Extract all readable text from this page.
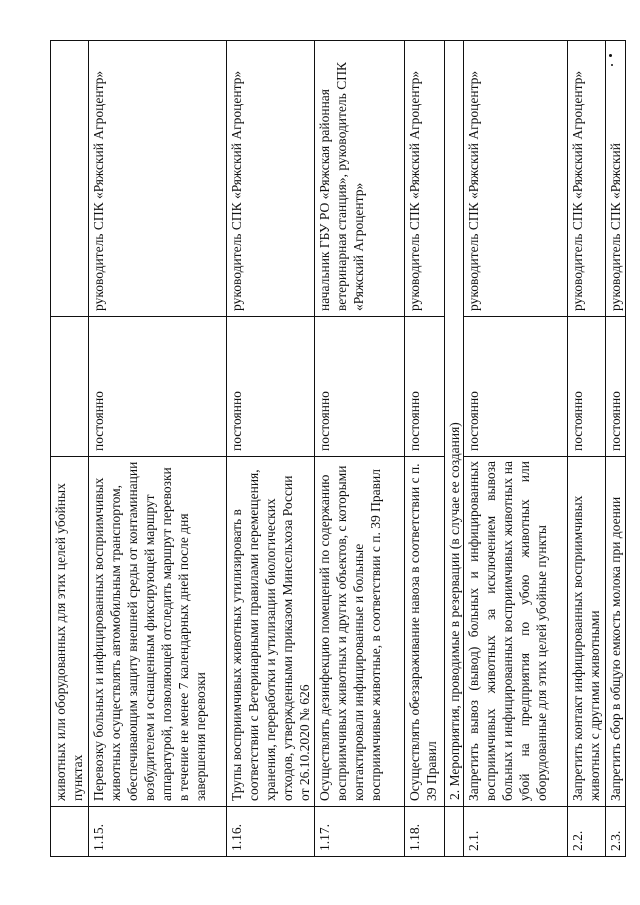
	животных или оборудованных для этих целей убойных пунктах		
1.15.	Перевозку больных и инфицированных восприимчивых животных осуществлять автомобильным транспортом, обеспечивающим защиту внешней среды от контаминации возбудителем и оснащенным фиксирующей маршрут аппаратурой, позволяющей отследить маршрут перевозки в течение не менее 7 календарных дней после дня завершения перевозки	постоянно	руководитель СПК «Ряжский Агроцентр»
1.16.	Трупы восприимчивых животных утилизировать в соответствии с Ветеринарными правилами перемещения, хранения, переработки и утилизации биологических отходов, утвержденными приказом Минсельхоза России от 26.10.2020 № 626	постоянно	руководитель СПК «Ряжский Агроцентр»
1.17.	Осуществлять дезинфекцию помещений по содержанию восприимчивых животных и других объектов, с которыми контактировали инфицированные и больные восприимчивые животные, в соответствии с п. 39 Правил	постоянно	начальник ГБУ РО «Ряжская районная ветеринарная станция», руководитель СПК «Ряжский Агроцентр»
1.18.	Осуществлять обеззараживание навоза в соответствии с п. 39 Правил	постоянно	руководитель СПК «Ряжский Агроцентр»
	2. Мероприятия, проводимые в резервации (в случае ее создания)		
2.1.	Запретить вывоз (вывод) больных и инфицированных восприимчивых животных за исключением вывоза больных и инфицированных восприимчивых животных на убой на предприятия по убою животных или оборудованные для этих целей убойные пункты	постоянно	руководитель СПК «Ряжский Агроцентр»
2.2.	Запретить контакт инфицированных восприимчивых животных с другими животными	постоянно	руководитель СПК «Ряжский Агроцентр»
2.3.	Запретить сбор в общую емкость молока при доении	постоянно	руководитель СПК «Ряжский
